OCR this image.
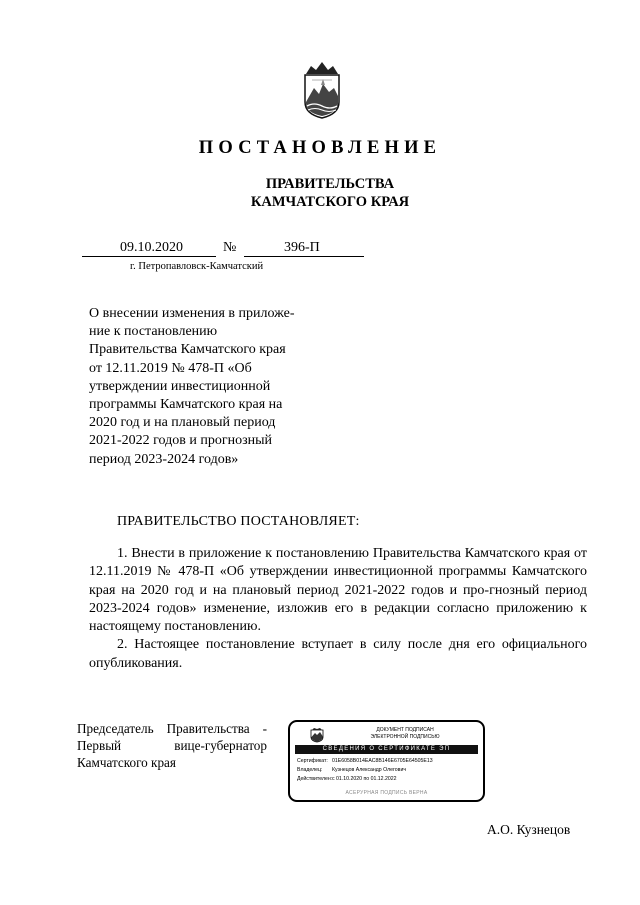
ПОСТАНОВЛЕНИЕ
ПРАВИТЕЛЬСТВА
КАМЧАТСКОГО КРАЯ
09.10.2020	№	396-П
г. Петропавловск-Камчатский
О внесении изменения в приложе-
ние к постановлению
Правительства Камчатского края
от 12.11.2019 № 478-П «Об
утверждении инвестиционной
программы Камчатского края на
2020 год и на плановый период
2021-2022 годов и прогнозный
период 2023-2024 годов»
ПРАВИТЕЛЬСТВО ПОСТАНОВЛЯЕТ:

1. Внести в приложение к постановлению Правительства Камчатского края от 12.11.2019 № 478-П «Об утверждении инвестиционной программы Камчатского края на 2020 год и на плановый период 2021-2022 годов и про-гнозный период 2023-2024 годов» изменение, изложив его в редакции согласно приложению к настоящему постановлению.

2. Настоящее постановление вступает в силу после дня его официального опубликования.

Председатель Правительства -
Первый вице-губернатор
Камчатского края
ДОКУМЕНТ ПОДПИСАН
ЭЛЕКТРОННОЙ ПОДПИСЬЮ
СВЕДЕНИЯ О СЕРТИФИКАТЕ ЭП
Сертификат: 01E6058B014EAC8B146E6705E64505E13
Владелец: Кузнецов Александр Олегович
Действителен:с 01.10.2020 по 01.12.2022
АСЕРУРНАЯ ПОДПИСЬ ВЕРНА
А.О. Кузнецов
